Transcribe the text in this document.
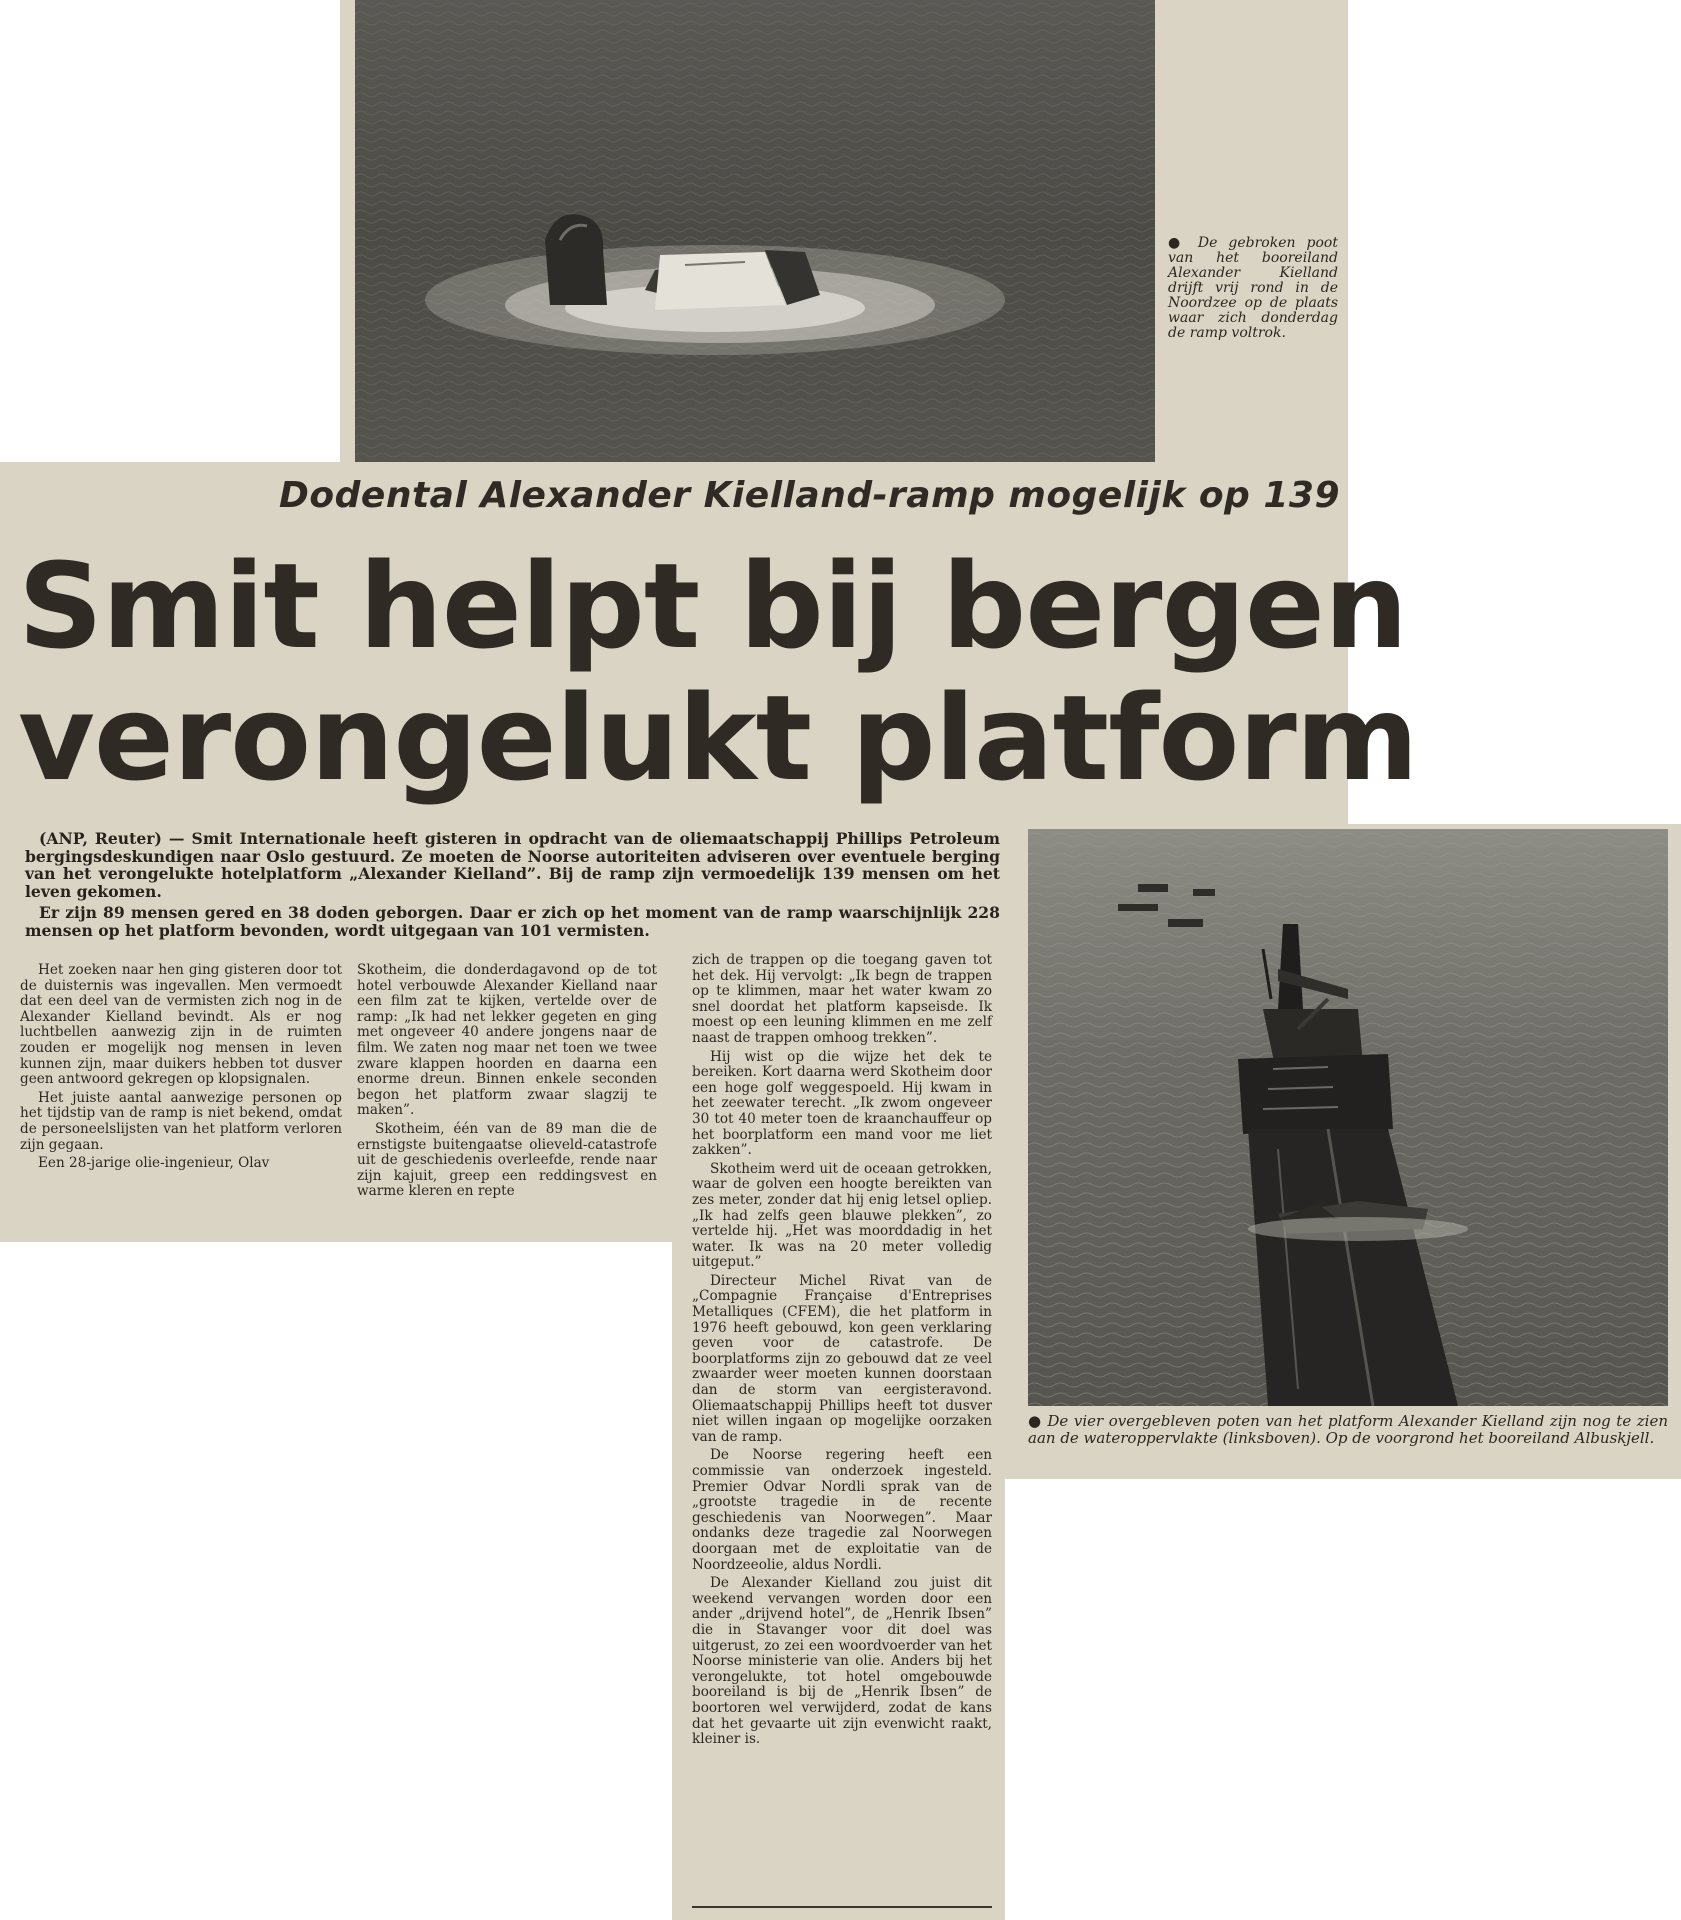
● De gebroken poot van het booreiland Alexander Kielland drijft vrij rond in de Noordzee op de plaats waar zich donderdag de ramp voltrok.
Dodental Alexander Kielland-ramp mogelijk op 139
Smit helpt bij bergen
verongelukt platform

(ANP, Reuter) — Smit Internationale heeft gisteren in opdracht van de oliemaatschappij Phillips Petroleum bergingsdeskundigen naar Oslo gestuurd. Ze moeten de Noorse autoriteiten adviseren over eventuele berging van het verongelukte hotelplatform „Alexander Kielland”. Bij de ramp zijn vermoedelijk 139 mensen om het leven gekomen.

Er zijn 89 mensen gered en 38 doden geborgen. Daar er zich op het moment van de ramp waarschijnlijk 228 mensen op het platform bevonden, wordt uitgegaan van 101 vermisten.

Het zoeken naar hen ging gisteren door tot de duisternis was ingevallen. Men vermoedt dat een deel van de vermisten zich nog in de Alexander Kielland bevindt. Als er nog luchtbellen aanwezig zijn in de ruimten zouden er mogelijk nog mensen in leven kunnen zijn, maar duikers hebben tot dusver geen antwoord gekregen op klopsignalen.

Het juiste aantal aanwezige personen op het tijdstip van de ramp is niet bekend, omdat de personeelslijsten van het platform verloren zijn gegaan.

Een 28-jarige olie-ingenieur, Olav

Skotheim, die donderdagavond op de tot hotel verbouwde Alexander Kielland naar een film zat te kijken, vertelde over de ramp: „Ik had net lekker gegeten en ging met ongeveer 40 andere jongens naar de film. We zaten nog maar net toen we twee zware klappen hoorden en daarna een enorme dreun. Binnen enkele seconden begon het platform zwaar slagzij te maken”.

Skotheim, één van de 89 man die de ernstigste buitengaatse olieveld-catastrofe uit de geschiedenis overleefde, rende naar zijn kajuit, greep een reddingsvest en warme kleren en repte

zich de trappen op die toegang gaven tot het dek. Hij vervolgt: „Ik begn de trappen op te klimmen, maar het water kwam zo snel doordat het platform kapseisde. Ik moest op een leuning klimmen en me zelf naast de trappen omhoog trekken”.

Hij wist op die wijze het dek te bereiken. Kort daarna werd Skotheim door een hoge golf weggespoeld. Hij kwam in het zeewater terecht. „Ik zwom ongeveer 30 tot 40 meter toen de kraanchauffeur op het boorplatform een mand voor me liet zakken”.

Skotheim werd uit de oceaan getrokken, waar de golven een hoogte bereikten van zes meter, zonder dat hij enig letsel opliep. „Ik had zelfs geen blauwe plekken”, zo vertelde hij. „Het was moorddadig in het water. Ik was na 20 meter volledig uitgeput.”

Directeur Michel Rivat van de „Compagnie Française d'Entreprises Metalliques (CFEM), die het platform in 1976 heeft gebouwd, kon geen verklaring geven voor de catastrofe. De boorplatforms zijn zo gebouwd dat ze veel zwaarder weer moeten kunnen doorstaan dan de storm van eergisteravond. Oliemaatschappij Phillips heeft tot dusver niet willen ingaan op mogelijke oorzaken van de ramp.

De Noorse regering heeft een commissie van onderzoek ingesteld. Premier Odvar Nordli sprak van de „grootste tragedie in de recente geschiedenis van Noorwegen”. Maar ondanks deze tragedie zal Noorwegen doorgaan met de exploitatie van de Noordzeeolie, aldus Nordli.

De Alexander Kielland zou juist dit weekend vervangen worden door een ander „drijvend hotel”, de „Henrik Ibsen” die in Stavanger voor dit doel was uitgerust, zo zei een woordvoerder van het Noorse ministerie van olie. Anders bij het verongelukte, tot hotel omgebouwde booreiland is bij de „Henrik Ibsen” de boortoren wel verwijderd, zodat de kans dat het gevaarte uit zijn evenwicht raakt, kleiner is.

● De vier overgebleven poten van het platform Alexander Kielland zijn nog te zien aan de wateroppervlakte (linksboven). Op de voorgrond het booreiland Albuskjell.
